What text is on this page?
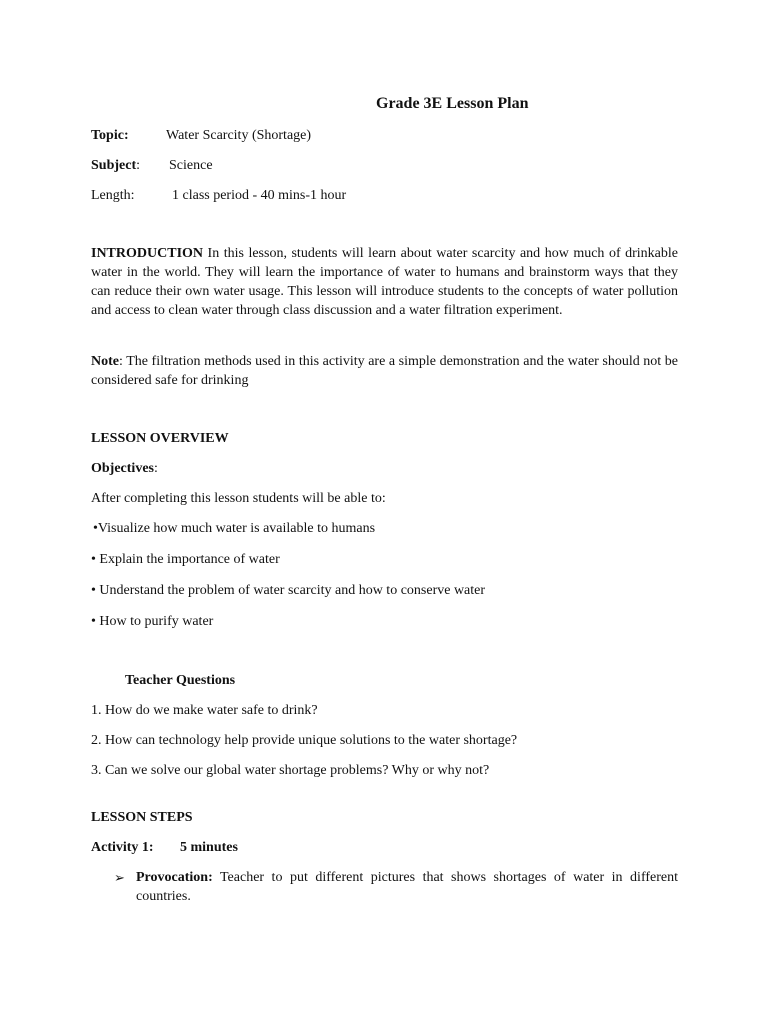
Grade 3E Lesson Plan
Topic:	Water Scarcity (Shortage)
Subject: Science
Length:	1 class period - 40 mins-1 hour
INTRODUCTION In this lesson, students will learn about water scarcity and how much of drinkable water in the world. They will learn the importance of water to humans and brainstorm ways that they can reduce their own water usage. This lesson will introduce students to the concepts of water pollution and access to clean water through class discussion and a water filtration experiment.
Note: The filtration methods used in this activity are a simple demonstration and the water should not be considered safe for drinking
LESSON OVERVIEW
Objectives:
After completing this lesson students will be able to:
•Visualize how much water is available to humans
• Explain the importance of water
• Understand the problem of water scarcity and how to conserve water
• How to purify water
Teacher Questions
1. How do we make water safe to drink?
2. How can technology help provide unique solutions to the water shortage?
3. Can we solve our global water shortage problems? Why or why not?
LESSON STEPS
Activity 1: 5 minutes
➢ Provocation: Teacher to put different pictures that shows shortages of water in different countries.
